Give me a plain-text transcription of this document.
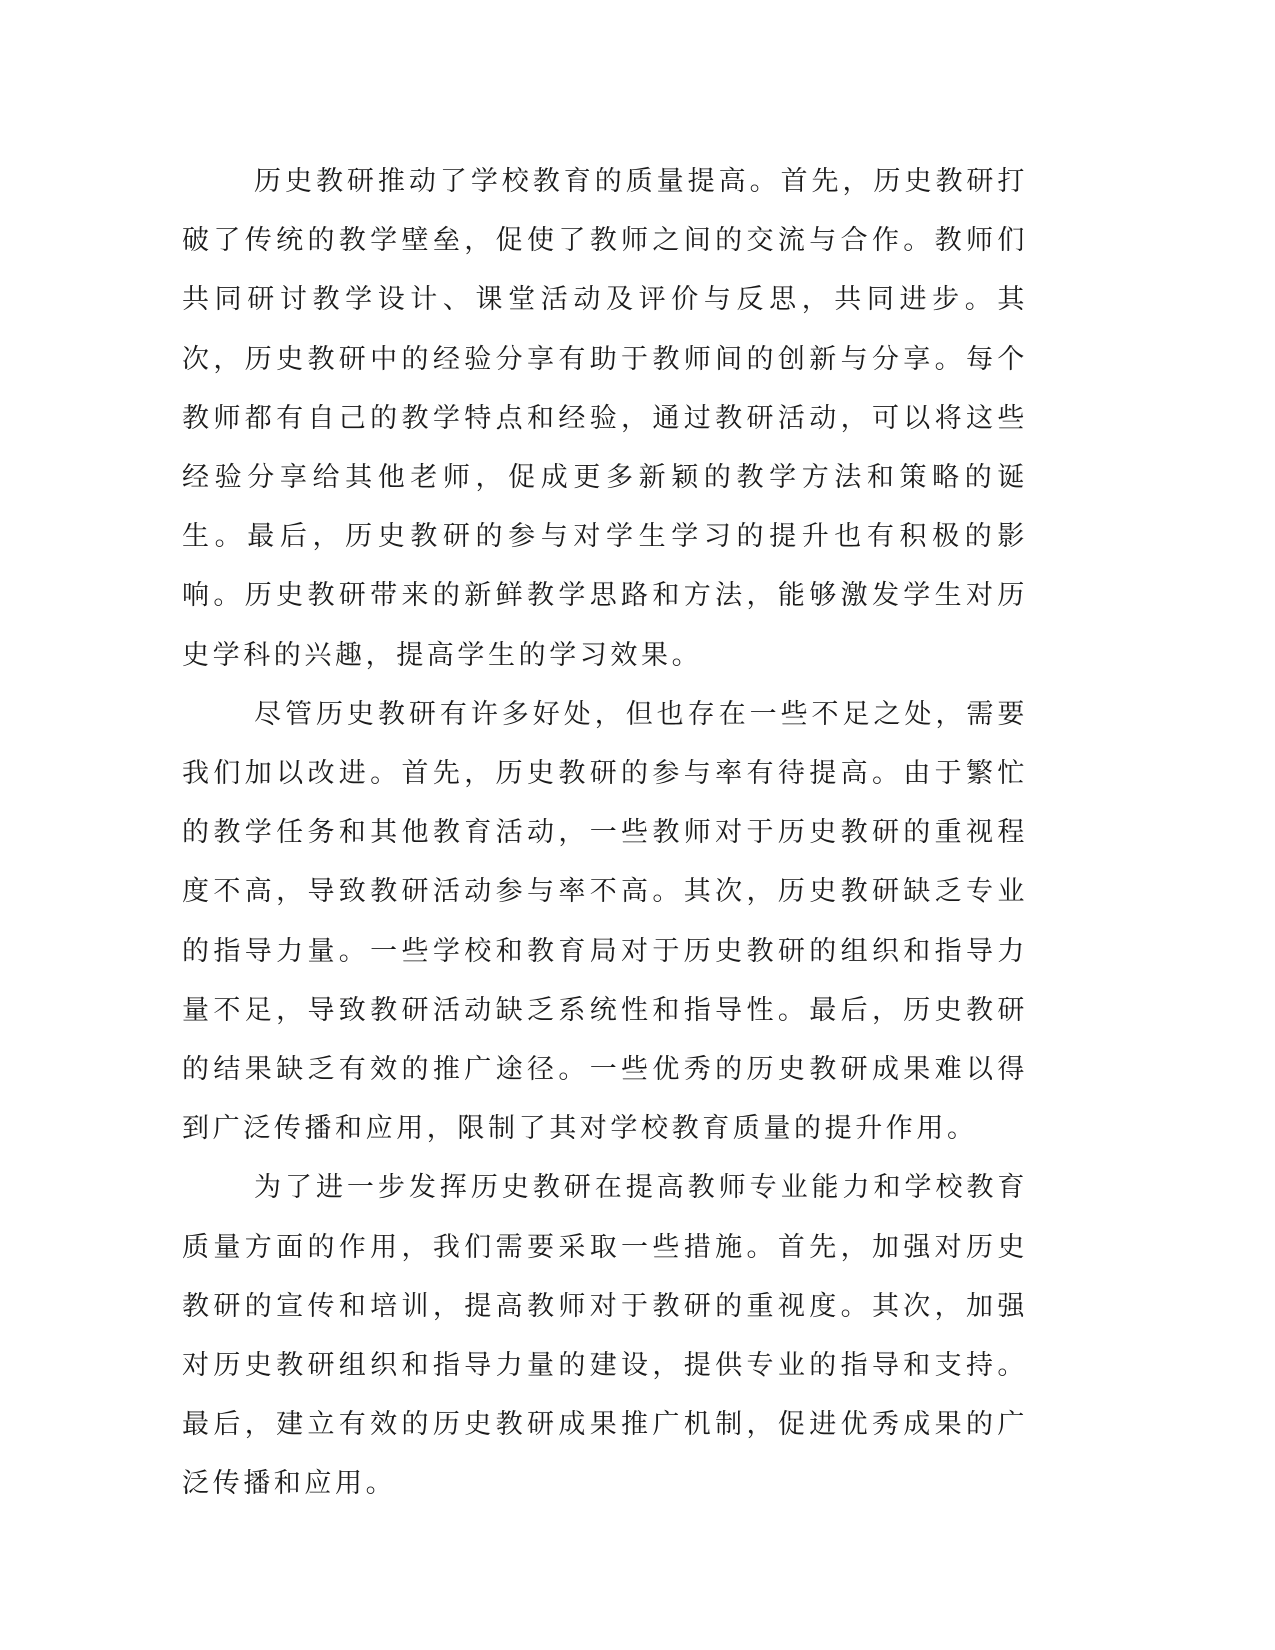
历史教研推动了学校教育的质量提高。首先，历史教研打破了传统的教学壁垒，促使了教师之间的交流与合作。教师们共同研讨教学设计、课堂活动及评价与反思，共同进步。其次，历史教研中的经验分享有助于教师间的创新与分享。每个教师都有自己的教学特点和经验，通过教研活动，可以将这些经验分享给其他老师，促成更多新颖的教学方法和策略的诞生。最后，历史教研的参与对学生学习的提升也有积极的影响。历史教研带来的新鲜教学思路和方法，能够激发学生对历史学科的兴趣，提高学生的学习效果。

尽管历史教研有许多好处，但也存在一些不足之处，需要我们加以改进。首先，历史教研的参与率有待提高。由于繁忙的教学任务和其他教育活动，一些教师对于历史教研的重视程度不高，导致教研活动参与率不高。其次，历史教研缺乏专业的指导力量。一些学校和教育局对于历史教研的组织和指导力量不足，导致教研活动缺乏系统性和指导性。最后，历史教研的结果缺乏有效的推广途径。一些优秀的历史教研成果难以得到广泛传播和应用，限制了其对学校教育质量的提升作用。

为了进一步发挥历史教研在提高教师专业能力和学校教育质量方面的作用，我们需要采取一些措施。首先，加强对历史教研的宣传和培训，提高教师对于教研的重视度。其次，加强对历史教研组织和指导力量的建设，提供专业的指导和支持。最后，建立有效的历史教研成果推广机制，促进优秀成果的广泛传播和应用。
